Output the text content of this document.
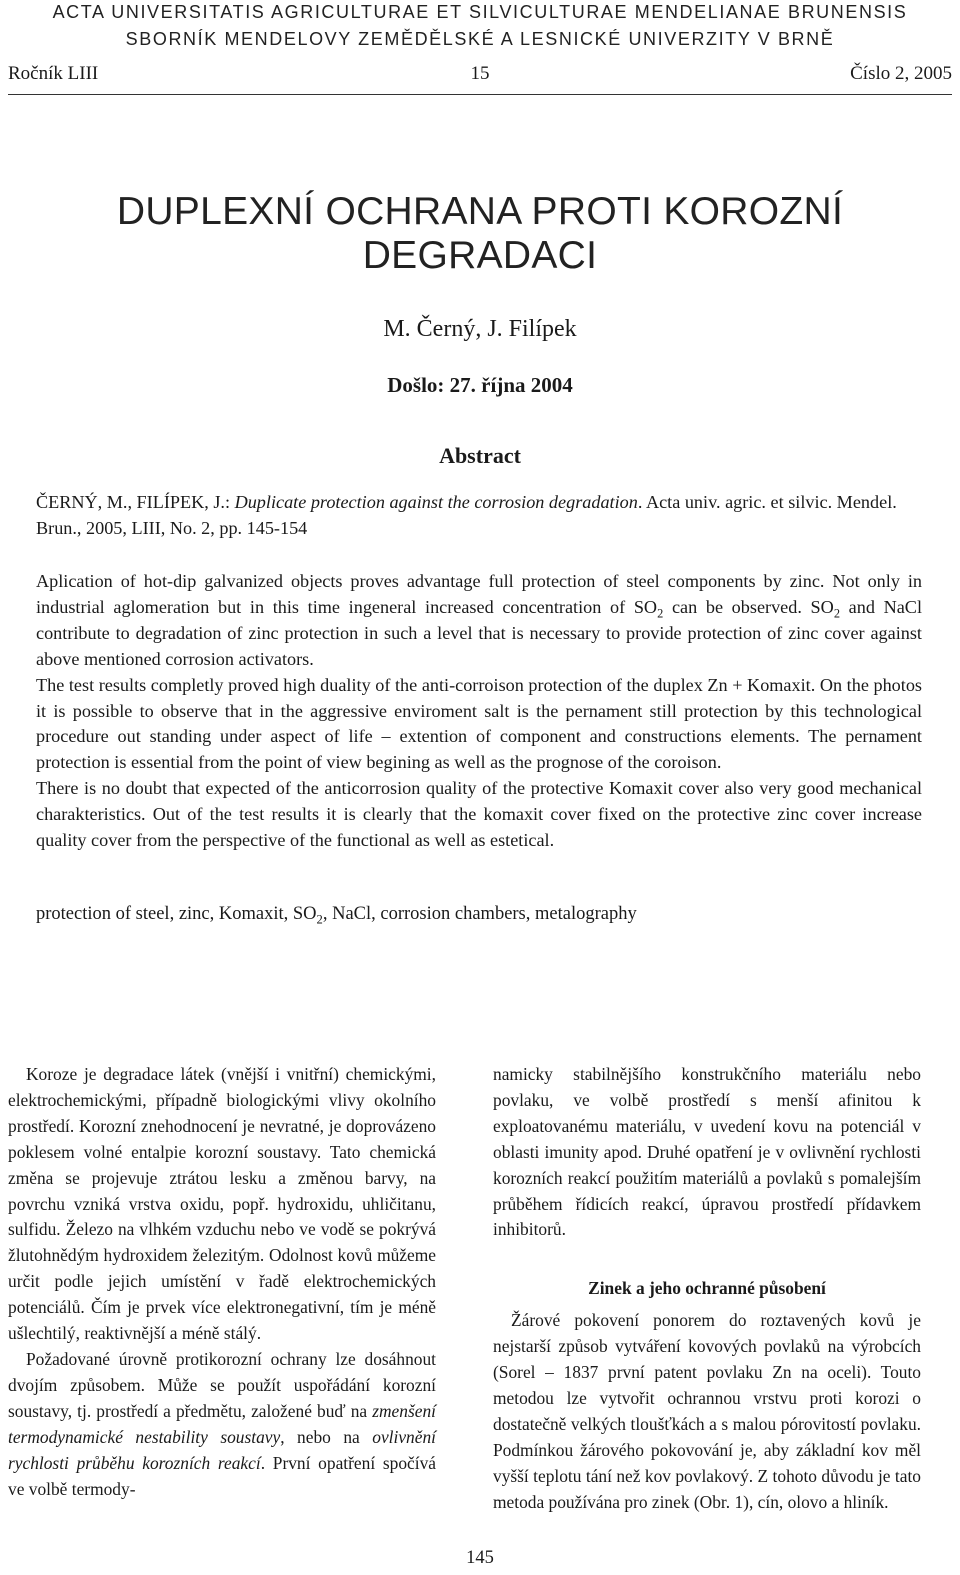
ACTA UNIVERSITATIS AGRICULTURAE ET SILVICULTURAE MENDELIANAE BRUNENSIS
SBORNÍK MENDELOVY ZEMĚDĚLSKÉ A LESNICKÉ UNIVERZITY V BRNĚ
Ročník LIII	15	Číslo 2, 2005
DUPLEXNÍ OCHRANA PROTI KOROZNÍ DEGRADACI
M. Černý, J. Filípek
Došlo: 27. října 2004
Abstract
ČERNÝ, M., FILÍPEK, J.: Duplicate protection against the corrosion degradation. Acta univ. agric. et silvic. Mendel. Brun., 2005, LIII, No. 2, pp. 145-154

Aplication of hot-dip galvanized objects proves advantage full protection of steel components by zinc. Not only in industrial aglomeration but in this time ingeneral increased concentration of $SO_2$ can be observed. $SO_2$ and NaCl contribute to degradation of zinc protection in such a level that is necessary to provide protection of zinc cover against above mentioned corrosion activators.

The test results completly proved high duality of the anti-corroison protection of the duplex Zn + Komaxit. On the photos it is possible to observe that in the aggressive enviroment salt is the pernament still protection by this technological procedure out standing under aspect of life – extention of component and constructions elements. The pernament protection is essential from the point of view begining as well as the prognose of the coroison.

There is no doubt that expected of the anticorrosion quality of the protective Komaxit cover also very good mechanical charakteristics. Out of the test results it is clearly that the komaxit cover fixed on the protective zinc cover increase quality cover from the perspective of the functional as well as estetical.

protection of steel, zinc, Komaxit, $SO_2$, NaCl, corrosion chambers, metalography

Koroze je degradace látek (vnější i vnitřní) chemickými, elektrochemickými, případně biologickými vlivy okolního prostředí. Korozní znehodnocení je nevratné, je doprovázeno poklesem volné entalpie korozní soustavy. Tato chemická změna se projevuje ztrátou lesku a změnou barvy, na povrchu vzniká vrstva oxidu, popř. hydroxidu, uhličitanu, sulfidu. Železo na vlhkém vzduchu nebo ve vodě se pokrývá žlutohnědým hydroxidem železitým. Odolnost kovů můžeme určit podle jejich umístění v řadě elektrochemických potenciálů. Čím je prvek více elektronegativní, tím je méně ušlechtilý, reaktivnější a méně stálý.

Požadované úrovně protikorozní ochrany lze dosáhnout dvojím způsobem. Může se použít uspořádání korozní soustavy, tj. prostředí a předmětu, založené buď na zmenšení termodynamické nestability soustavy, nebo na ovlivnění rychlosti průběhu korozních reakcí. První opatření spočívá ve volbě termody-

namicky stabilnějšího konstrukčního materiálu nebo povlaku, ve volbě prostředí s menší afinitou k exploatovanému materiálu, v uvedení kovu na potenciál v oblasti imunity apod. Druhé opatření je v ovlivnění rychlosti korozních reakcí použitím materiálů a povlaků s pomalejším průběhem řídicích reakcí, úpravou prostředí přídavkem inhibitorů.

Zinek a jeho ochranné působení

Žárové pokovení ponorem do roztavených kovů je nejstarší způsob vytváření kovových povlaků na výrobcích (Sorel – 1837 první patent povlaku Zn na oceli). Touto metodou lze vytvořit ochrannou vrstvu proti korozi o dostatečně velkých tloušťkách a s malou pórovitostí povlaku. Podmínkou žárového pokovování je, aby základní kov měl vyšší teplotu tání než kov povlakový. Z tohoto důvodu je tato metoda používána pro zinek (Obr. 1), cín, olovo a hliník.

145
